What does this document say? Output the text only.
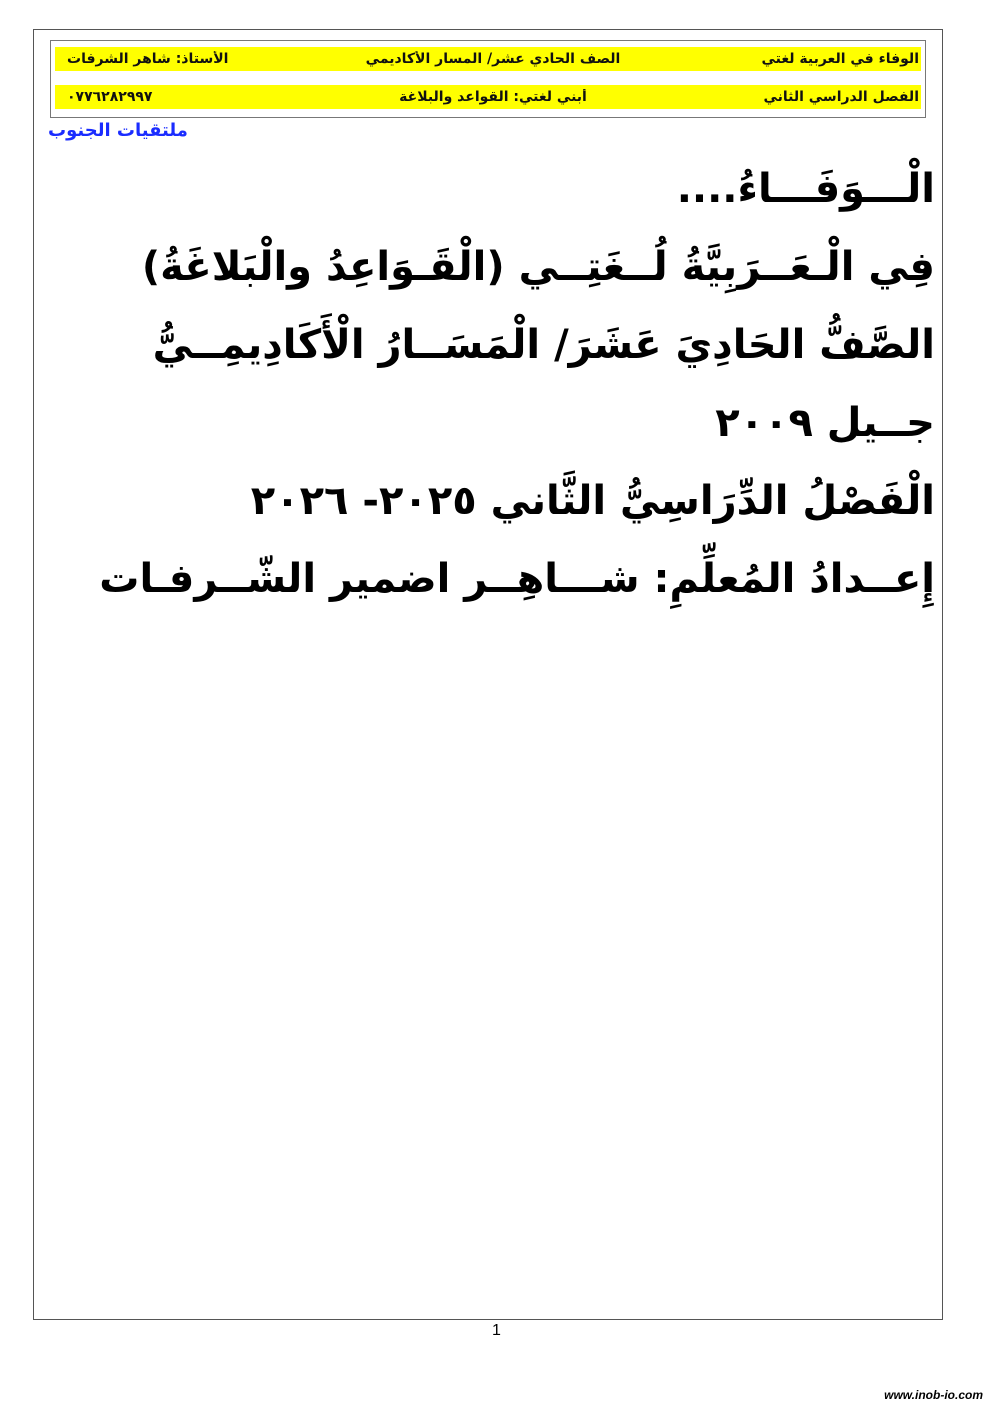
الوفاء في العربية لغتي
الصف الحادي عشر/ المسار الأكاديمي
الأستاذ: شاهر الشرفات
الفصل الدراسي الثاني
أبني لغتي: القواعد والبلاغة
٠٧٧٦٢٨٢٩٩٧
ملتقيات الجنوب
الْـــوَفَـــاءُ....
فِي الْـعَــرَبِيَّةُ لُــغَتِــي (الْقَـوَاعِدُ والْبَلاغَةُ)
الصَّفُّ الحَادِيَ عَشَرَ/ الْمَسَــارُ الْأَكَادِيمِــيُّ
جــيل ٢٠٠٩
الْفَصْلُ الدِّرَاسِيُّ الثَّاني ٢٠٢٥- ٢٠٢٦
إِعــدادُ المُعلِّمِ: شـــاهِــر اضمير الشّــرفـات
1
www.inob-io.com
